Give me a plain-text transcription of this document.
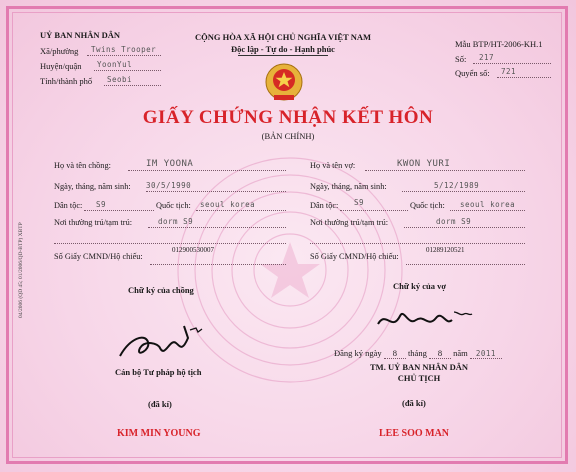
UỶ BAN NHÂN DÂN
Xã/phường Twins Trooper
Huyện/quận YoonYul
Tỉnh/thành phố Seobi
CỘNG HÒA XÃ HỘI CHỦ NGHĨA VIỆT NAM
Độc lập - Tự do - Hạnh phúc	Mẫu BTP/HT-2006-KH.1
Số: 217
Quyển số: 721
GIẤY CHỨNG NHẬN KẾT HÔN
(BẢN CHÍNH)
Họ và tên chồng:	IM YOONA
Ngày, tháng, năm sinh: 30/5/1990
Dân tộc: S9	Quốc tịch: seoul korea
Nơi thường trú/tạm trú:	dorm S9
Số Giấy CMND/Hộ chiếu:
012900530007
Họ và tên vợ:	KWON YURI
Ngày, tháng, năm sinh:	5/12/1989
Dân tộc: S9	Quốc tịch: seoul korea
Nơi thường trú/tạm trú:	dorm S9
Số Giấy CMND/Hộ chiếu:
01289120521
Chữ ký của chồng	Chữ ký của vợ
Đăng ký ngày 8 tháng 8 năm 2011
Cán bộ Tư pháp hộ tịch	TM. UỶ BAN NHÂN DÂN
CHỦ TỊCH
(đã kí)	(đã kí)
KIM MIN YOUNG	LEE SOO MAN
04/2006 (QD 45; 01/2006/QD-BTP) XBTP
